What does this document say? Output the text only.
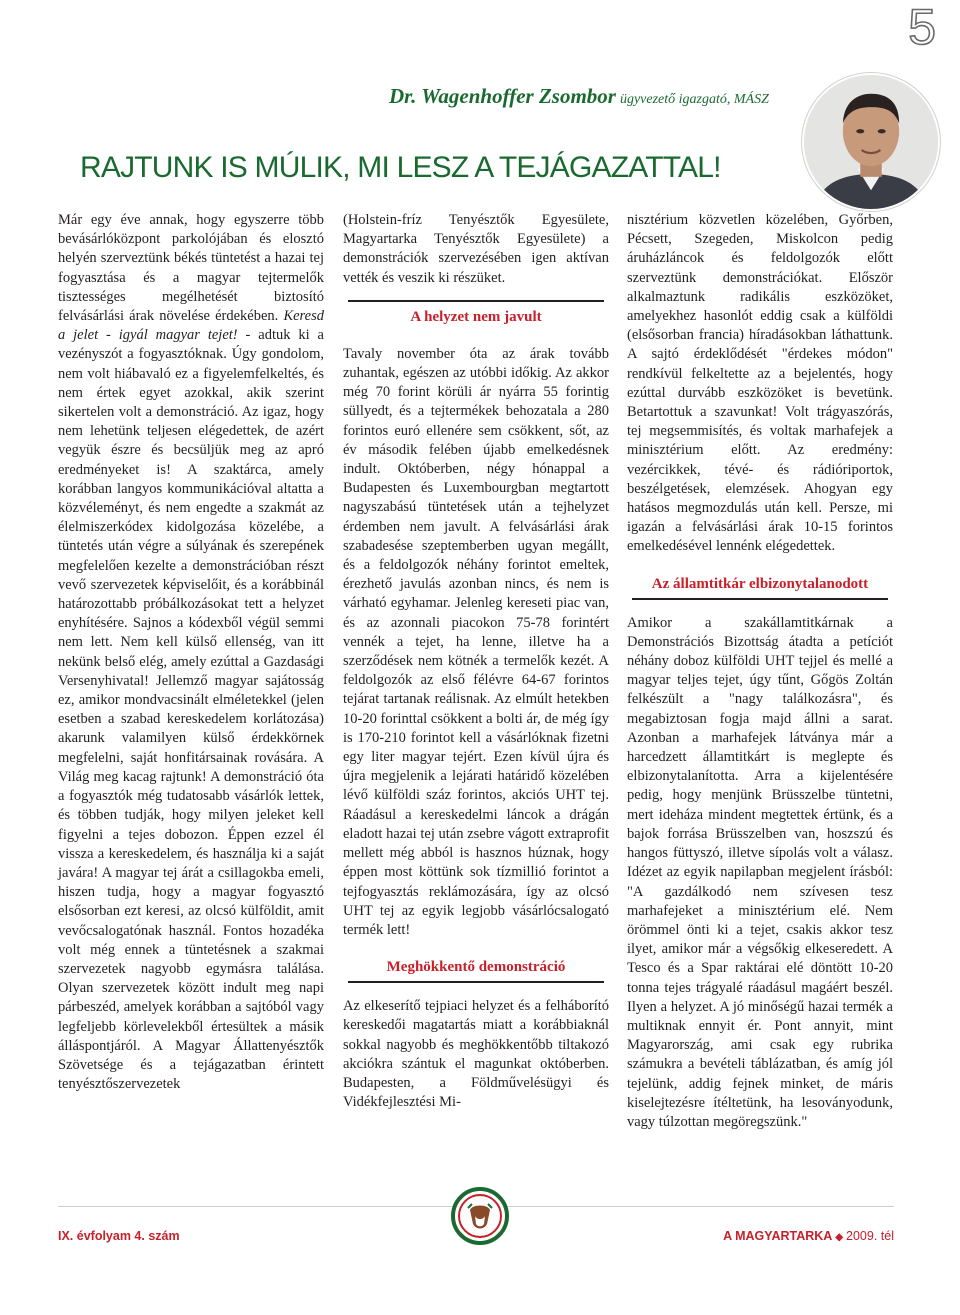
5
Dr. Wagenhoffer Zsombor ügyvezető igazgató, MÁSZ
RAJTUNK IS MÚLIK, MI LESZ A TEJÁGAZATTAL!

Már egy éve annak, hogy egyszerre több bevásárlóközpont parkolójában és elosztó helyén szerveztünk békés tüntetést a hazai tej fogyasztása és a magyar tejtermelők tisztességes megélhetését biztosító felvásárlási árak növelése érdekében. Keresd a jelet - igyál magyar tejet! - adtuk ki a vezényszót a fogyasztóknak. Úgy gondolom, nem volt hiábavaló ez a figyelemfelkeltés, és nem értek egyet azokkal, akik szerint sikertelen volt a demonstráció. Az igaz, hogy nem lehetünk teljesen elégedettek, de azért vegyük észre és becsüljük meg az apró eredményeket is! A szaktárca, amely korábban langyos kommunikációval altatta a közvéleményt, és nem engedte a szakmát az élelmiszerkódex kidolgozása közelébe, a tüntetés után végre a súlyának és szerepének megfelelően kezelte a demonstrációban részt vevő szervezetek képviselőit, és a korábbinál határozottabb próbálkozásokat tett a helyzet enyhítésére. Sajnos a kódexből végül semmi nem lett. Nem kell külső ellenség, van itt nekünk belső elég, amely ezúttal a Gazdasági Versenyhivatal! Jellemző magyar sajátosság ez, amikor mondvacsinált elméletekkel (jelen esetben a szabad kereskedelem korlátozása) akarunk valamilyen külső érdekkörnek megfelelni, saját honfitársainak rovására. A Világ meg kacag rajtunk! A demonstráció óta a fogyasztók még tudatosabb vásárlók lettek, és többen tudják, hogy milyen jeleket kell figyelni a tejes dobozon. Éppen ezzel él vissza a kereskedelem, és használja ki a saját javára! A magyar tej árát a csillagokba emeli, hiszen tudja, hogy a magyar fogyasztó elsősorban ezt keresi, az olcsó külföldit, amit vevőcsalogatónak használ. Fontos hozadéka volt még ennek a tüntetésnek a szakmai szervezetek nagyobb egymásra találása. Olyan szervezetek között indult meg napi párbeszéd, amelyek korábban a sajtóból vagy legfeljebb körlevelekből értesültek a másik álláspontjáról. A Magyar Állattenyésztők Szövetsége és a tejágazatban érintett tenyésztőszervezetek

(Holstein-fríz Tenyésztők Egyesülete, Magyartarka Tenyésztők Egyesülete) a demonstrációk szervezésében igen aktívan vették és veszik ki részüket.

A helyzet nem javult

Tavaly november óta az árak tovább zuhantak, egészen az utóbbi időkig. Az akkor még 70 forint körüli ár nyárra 55 forintig süllyedt, és a tejtermékek behozatala a 280 forintos euró ellenére sem csökkent, sőt, az év második felében újabb emelkedésnek indult. Októberben, négy hónappal a Budapesten és Luxembourgban megtartott nagyszabású tüntetések után a tejhelyzet érdemben nem javult. A felvásárlási árak szabadesése szeptemberben ugyan megállt, és a feldolgozók néhány forintot emeltek, érezhető javulás azonban nincs, és nem is várható egyhamar. Jelenleg kereseti piac van, és az azonnali piacokon 75-78 forintért vennék a tejet, ha lenne, illetve ha a szerződések nem kötnék a termelők kezét. A feldolgozók az első félévre 64-67 forintos tejárat tartanak reálisnak. Az elmúlt hetekben 10-20 forinttal csökkent a bolti ár, de még így is 170-210 forintot kell a vásárlóknak fizetni egy liter magyar tejért. Ezen kívül újra és újra megjelenik a lejárati határidő közelében lévő külföldi száz forintos, akciós UHT tej. Ráadásul a kereskedelmi láncok a drágán eladott hazai tej után zsebre vágott extraprofit mellett még abból is hasznos húznak, hogy éppen most köttünk sok tízmillió forintot a tejfogyasztás reklámozására, így az olcsó UHT tej az egyik legjobb vásárlócsalogató termék lett!

Meghökkentő demonstráció

Az elkeserítő tejpiaci helyzet és a felháborító kereskedői magatartás miatt a korábbiaknál sokkal nagyobb és meghökkentőbb tiltakozó akciókra szántuk el magunkat októberben. Budapesten, a Földművelésügyi és Vidékfejlesztési Mi-

nisztérium közvetlen közelében, Győrben, Pécsett, Szegeden, Miskolcon pedig áruházláncok és feldolgozók előtt szerveztünk demonstrációkat. Először alkalmaztunk radikális eszközöket, amelyekhez hasonlót eddig csak a külföldi (elsősorban francia) híradásokban láthattunk. A sajtó érdeklődését "érdekes módon" rendkívül felkeltette az a bejelentés, hogy ezúttal durvább eszközöket is bevetünk. Betartottuk a szavunkat! Volt trágyaszórás, tej megsemmisítés, és voltak marhafejek a minisztérium előtt. Az eredmény: vezércikkek, tévé- és rádióriportok, beszélgetések, elemzések. Ahogyan egy hatásos megmozdulás után kell. Persze, mi igazán a felvásárlási árak 10-15 forintos emelkedésével lennénk elégedettek.

Az államtitkár elbizonytalanodott

Amikor a szakállamtitkárnak a Demonstrációs Bizottság átadta a petíciót néhány doboz külföldi UHT tejjel és mellé a magyar teljes tejet, úgy tűnt, Gőgös Zoltán felkészült a "nagy találkozásra", és megabiztosan fogja majd állni a sarat. Azonban a marhafejek látványa már a harcedzett államtitkárt is meglepte és elbizonytalanította. Arra a kijelentésére pedig, hogy menjünk Brüsszelbe tüntetni, mert ideháza mindent megtettek értünk, és a bajok forrása Brüsszelben van, hoszszú és hangos füttyszó, illetve sípolás volt a válasz. Idézet az egyik napilapban megjelent írásból: "A gazdálkodó nem szívesen tesz marhafejeket a minisztérium elé. Nem örömmel önti ki a tejet, csakis akkor tesz ilyet, amikor már a végsőkig elkeseredett. A Tesco és a Spar raktárai elé döntött 10-20 tonna tejes trágyalé ráadásul magáért beszél. Ilyen a helyzet. A jó minőségű hazai termék a multiknak ennyit ér. Pont annyit, mint Magyarország, ami csak egy rubrika számukra a bevételi táblázatban, és amíg jól tejelünk, addig fejnek minket, de máris kiselejtezésre ítéltetünk, ha lesoványodunk, vagy túlzottan megöregszünk."

IX. évfolyam 4. szám	A MAGYARTARKA ◆ 2009. tél
